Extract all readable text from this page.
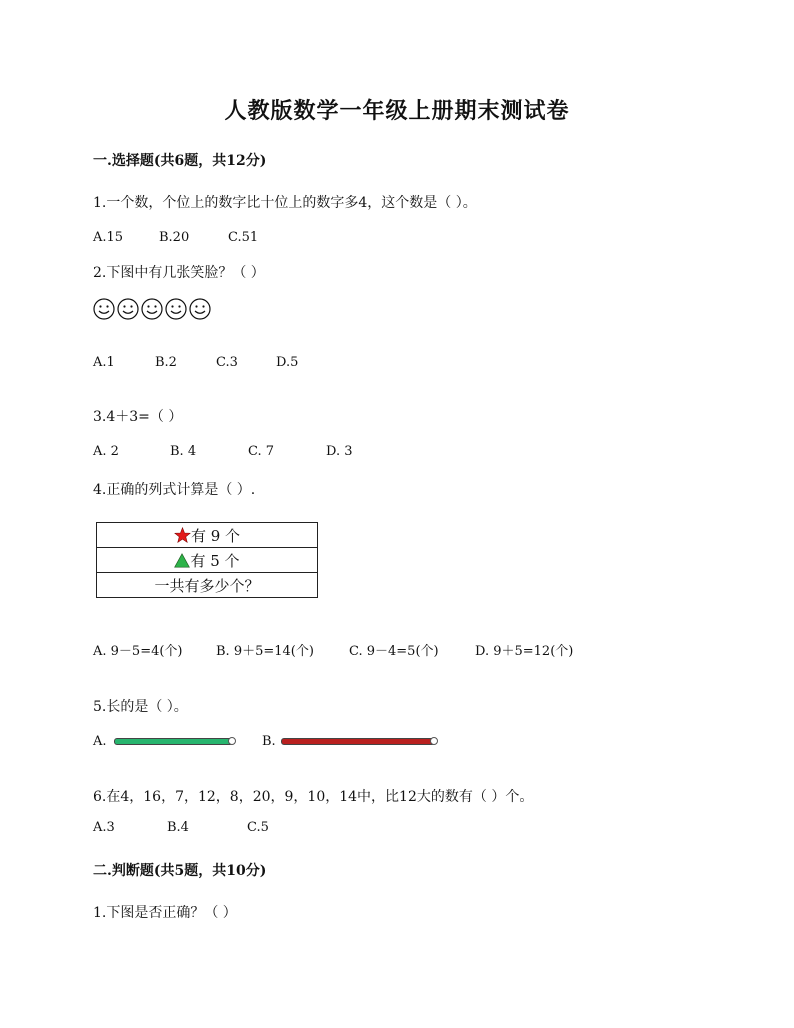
人教版数学一年级上册期末测试卷
一.选择题(共6题，共12分)
1.一个数，个位上的数字比十位上的数字多4，这个数是（ ）。
A.15	B.20	C.51
2.下图中有几张笑脸？（ ）
A.1	B.2	C.3	D.5
3.4＋3=（ ）
A. 2	B. 4	C. 7	D. 3
4.正确的列式计算是（ ）.
有 9 个
有 5 个
一共有多少个？
A. 9－5=4(个)	B. 9＋5=14(个)	C. 9－4=5(个)	D. 9＋5=12(个)
5.长的是（ ）。
A.	B.
6.在4，16，7，12，8，20，9，10，14中，比12大的数有（ ）个。
A.3	B.4	C.5
二.判断题(共5题，共10分)
1.下图是否正确？（ ）
